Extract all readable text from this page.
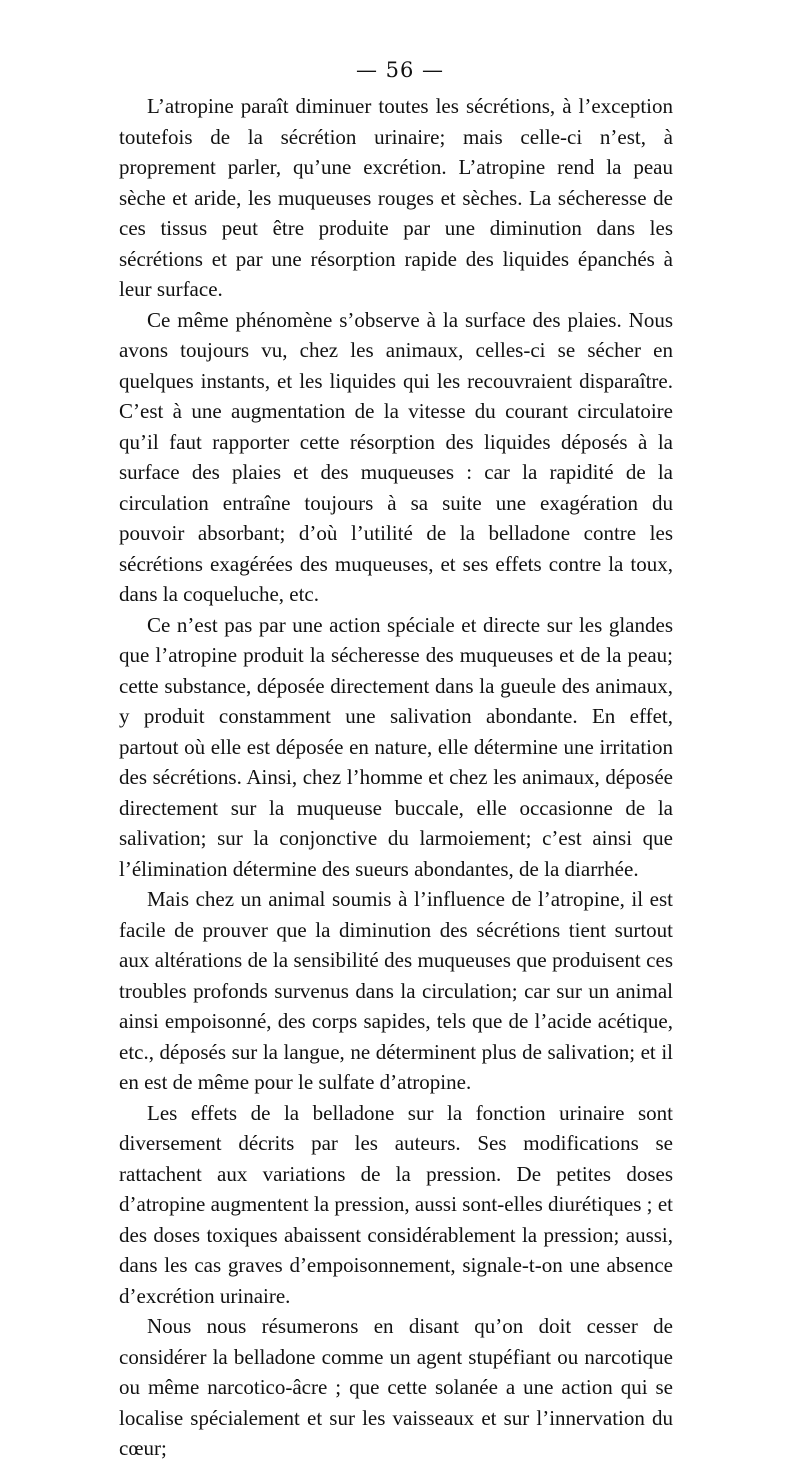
— 56 —

L’atropine paraît diminuer toutes les sécrétions, à l’exception toutefois de la sécrétion urinaire; mais celle-ci n’est, à proprement parler, qu’une excrétion. L’atropine rend la peau sèche et aride, les muqueuses rouges et sèches. La sécheresse de ces tissus peut être produite par une diminution dans les sécrétions et par une résorption rapide des liquides épanchés à leur surface.

Ce même phénomène s’observe à la surface des plaies. Nous avons toujours vu, chez les animaux, celles-ci se sécher en quelques instants, et les liquides qui les recouvraient disparaître. C’est à une augmentation de la vitesse du courant circulatoire qu’il faut rapporter cette résorption des liquides déposés à la surface des plaies et des muqueuses : car la rapidité de la circulation entraîne toujours à sa suite une exagération du pouvoir absorbant; d’où l’utilité de la belladone contre les sécrétions exagérées des muqueuses, et ses effets contre la toux, dans la coqueluche, etc.

Ce n’est pas par une action spéciale et directe sur les glandes que l’atropine produit la sécheresse des muqueuses et de la peau; cette substance, déposée directement dans la gueule des animaux, y produit constamment une salivation abondante. En effet, partout où elle est déposée en nature, elle détermine une irritation des sécrétions. Ainsi, chez l’homme et chez les animaux, déposée directement sur la muqueuse buccale, elle occasionne de la salivation; sur la conjonctive du larmoiement; c’est ainsi que l’élimination détermine des sueurs abondantes, de la diarrhée.

Mais chez un animal soumis à l’influence de l’atropine, il est facile de prouver que la diminution des sécrétions tient surtout aux altérations de la sensibilité des muqueuses que produisent ces troubles profonds survenus dans la circulation; car sur un animal ainsi empoisonné, des corps sapides, tels que de l’acide acétique, etc., déposés sur la langue, ne déterminent plus de salivation; et il en est de même pour le sulfate d’atropine.

Les effets de la belladone sur la fonction urinaire sont diversement décrits par les auteurs. Ses modifications se rattachent aux variations de la pression. De petites doses d’atropine augmentent la pression, aussi sont-elles diurétiques ; et des doses toxiques abaissent considérablement la pression; aussi, dans les cas graves d’empoisonnement, signale-t-on une absence d’excrétion urinaire.

Nous nous résumerons en disant qu’on doit cesser de considérer la belladone comme un agent stupéfiant ou narcotique ou même narcotico-âcre ; que cette solanée a une action qui se localise spécialement et sur les vaisseaux et sur l’innervation du cœur;
